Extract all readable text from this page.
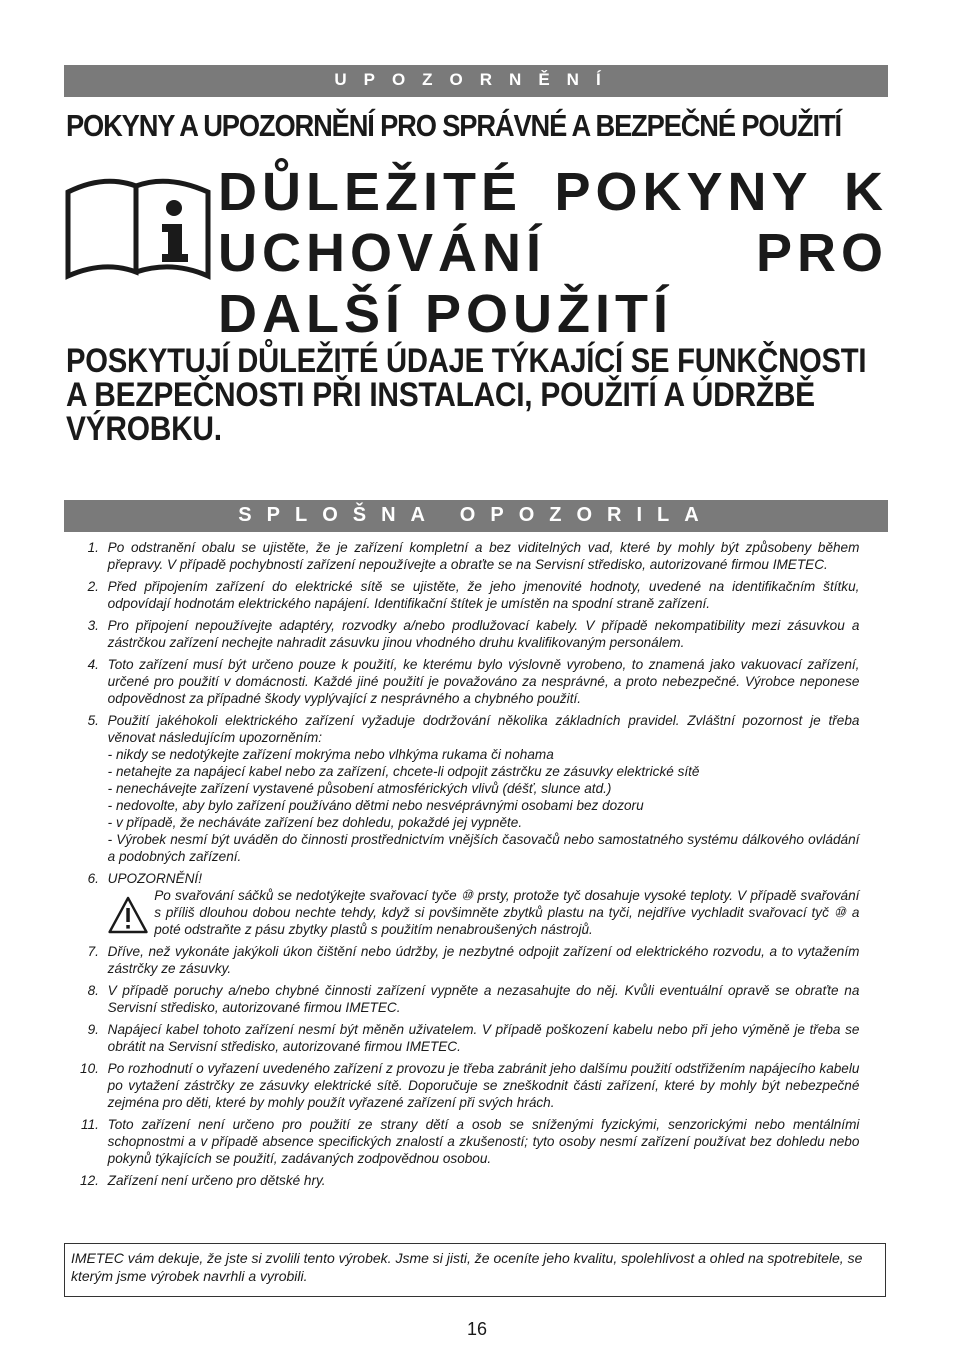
UPOZORNĚNÍ
POKYNY A UPOZORNĚNÍ PRO SPRÁVNÉ A BEZPEČNÉ POUŽITÍ
DŮLEŽITÉ POKYNY K UCHOVÁNÍ PRO DALŠÍ POUŽITÍ
POSKYTUJÍ DŮLEŽITÉ ÚDAJE TÝKAJÍCÍ SE FUNKČNOSTI
A BEZPEČNOSTI PŘI INSTALACI, POUŽITÍ A ÚDRŽBĚ
VÝROBKU.
SPLOŠNA OPOZORILA
1. Po odstranění obalu se ujistěte, že je zařízení kompletní a bez viditelných vad, které by mohly být způsobeny během přepravy. V případě pochybností zařízení nepoužívejte a obraťte se na Servisní středisko, autorizované firmou IMETEC.
2. Před připojením zařízení do elektrické sítě se ujistěte, že jeho jmenovité hodnoty, uvedené na identifikačním štítku, odpovídají hodnotám elektrického napájení. Identifikační štítek je umístěn na spodní straně zařízení.
3. Pro připojení nepoužívejte adaptéry, rozvodky a/nebo prodlužovací kabely. V případě nekompatibility mezi zásuvkou a zástrčkou zařízení nechejte nahradit zásuvku jinou vhodného druhu kvalifikovaným personálem.
4. Toto zařízení musí být určeno pouze k použití, ke kterému bylo výslovně vyrobeno, to znamená jako vakuovací zařízení, určené pro použití v domácnosti. Každé jiné použití je považováno za nesprávné, a proto nebezpečné. Výrobce neponese odpovědnost za případné škody vyplývající z nesprávného a chybného použití.
5. Použití jakéhokoli elektrického zařízení vyžaduje dodržování několika základních pravidel. Zvláštní pozornost je třeba věnovat následujícím upozorněním:
- nikdy se nedotýkejte zařízení mokrýma nebo vlhkýma rukama či nohama
- netahejte za napájecí kabel nebo za zařízení, chcete-li odpojit zástrčku ze zásuvky elektrické sítě
- nenechávejte zařízení vystavené působení atmosférických vlivů (déšť, slunce atd.)
- nedovolte, aby bylo zařízení používáno dětmi nebo nesvéprávnými osobami bez dozoru
- v případě, že necháváte zařízení bez dohledu, pokaždé jej vypněte.
- Výrobek nesmí být uváděn do činnosti prostřednictvím vnějších časovačů nebo samostatného systému dálkového ovládání a podobných zařízení.
6. UPOZORNĚNÍ!
Po svařování sáčků se nedotýkejte svařovací tyče ⑩ prsty, protože tyč dosahuje vysoké teploty. V případě svařování s příliš dlouhou dobou nechte tehdy, když si povšimněte zbytků plastu na tyči, nejdříve vychladit svařovací tyč ⑩ a poté odstraňte z pásu zbytky plastů s použitím nenabroušených nástrojů.
7. Dříve, než vykonáte jakýkoli úkon čištění nebo údržby, je nezbytné odpojit zařízení od elektrického rozvodu, a to vytažením zástrčky ze zásuvky.
8. V případě poruchy a/nebo chybné činnosti zařízení vypněte a nezasahujte do něj. Kvůli eventuální opravě se obraťte na Servisní středisko, autorizované firmou IMETEC.
9. Napájecí kabel tohoto zařízení nesmí být měněn uživatelem. V případě poškození kabelu nebo při jeho výměně je třeba se obrátit na Servisní středisko, autorizované firmou IMETEC.
10. Po rozhodnutí o vyřazení uvedeného zařízení z provozu je třeba zabránit jeho dalšímu použití odstřižením napájecího kabelu po vytažení zástrčky ze zásuvky elektrické sítě. Doporučuje se zneškodnit části zařízení, které by mohly být nebezpečné zejména pro děti, které by mohly použít vyřazené zařízení při svých hrách.
11. Toto zařízení není určeno pro použití ze strany dětí a osob se sníženými fyzickými, senzorickými nebo mentálními schopnostmi a v případě absence specifických znalostí a zkušeností; tyto osoby nesmí zařízení používat bez dohledu nebo pokynů týkajících se použití, zadávaných zodpovědnou osobou.
12. Zařízení není určeno pro dětské hry.
IMETEC vám dekuje, že jste si zvolili tento výrobek. Jsme si jisti, že oceníte jeho kvalitu, spolehlivost a ohled na spotrebitele, se kterým jsme výrobek navrhli a vyrobili.
16
